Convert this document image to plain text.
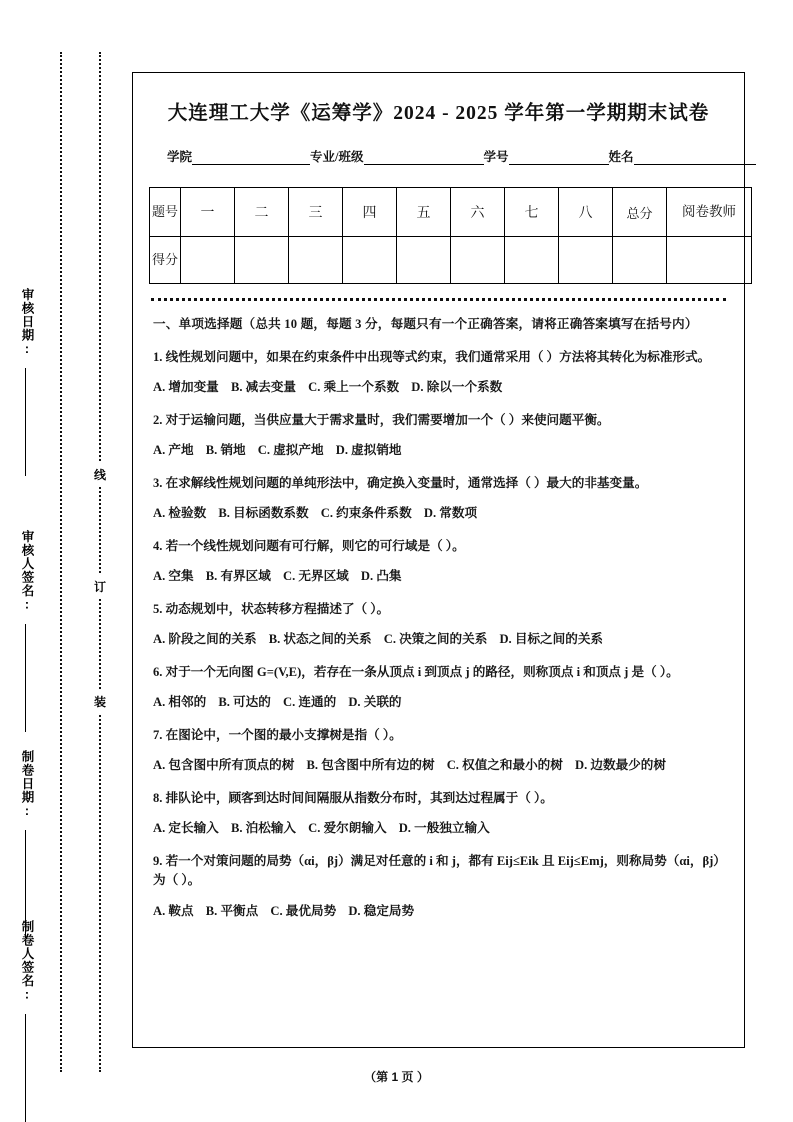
审核日期:
审核人签名:
制卷日期:
制卷人签名:
大连理工大学《运筹学》2024 - 2025 学年第一学期期末试卷
学院	专业/班级	学号	姓名
题号	一	二	三	四	五	六	七	八	总分	阅卷教师
得分										
一、单项选择题（总共 10 题，每题 3 分，每题只有一个正确答案，请将正确答案填写在括号内）
1. 线性规划问题中，如果在约束条件中出现等式约束，我们通常采用（ ）方法将其转化为标准形式。
A. 增加变量 B. 减去变量 C. 乘上一个系数 D. 除以一个系数
2. 对于运输问题，当供应量大于需求量时，我们需要增加一个（ ）来使问题平衡。
A. 产地 B. 销地 C. 虚拟产地 D. 虚拟销地
3. 在求解线性规划问题的单纯形法中，确定换入变量时，通常选择（ ）最大的非基变量。
A. 检验数 B. 目标函数系数 C. 约束条件系数 D. 常数项
4. 若一个线性规划问题有可行解，则它的可行域是（ ）。
A. 空集 B. 有界区域 C. 无界区域 D. 凸集
5. 动态规划中，状态转移方程描述了（ ）。
A. 阶段之间的关系 B. 状态之间的关系 C. 决策之间的关系 D. 目标之间的关系
6. 对于一个无向图 G=(V,E)，若存在一条从顶点 i 到顶点 j 的路径，则称顶点 i 和顶点 j 是（ ）。
A. 相邻的 B. 可达的 C. 连通的 D. 关联的
7. 在图论中，一个图的最小支撑树是指（ ）。
A. 包含图中所有顶点的树 B. 包含图中所有边的树 C. 权值之和最小的树 D. 边数最少的树
8. 排队论中，顾客到达时间间隔服从指数分布时，其到达过程属于（ ）。
A. 定长输入 B. 泊松输入 C. 爱尔朗输入 D. 一般独立输入
9. 若一个对策问题的局势（αi，βj）满足对任意的 i 和 j，都有 Eij≤Eik 且 Eij≤Emj，则称局势（αi，βj）为（ ）。
A. 鞍点 B. 平衡点 C. 最优局势 D. 稳定局势
（第 1 页 ）
线
订
装
